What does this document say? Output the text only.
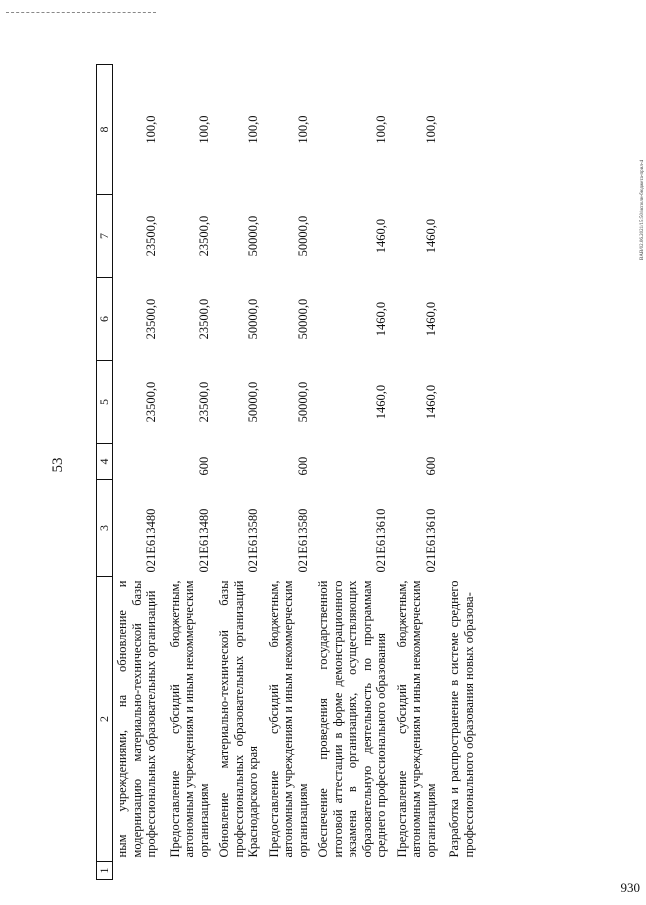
930
53
1	2	3	4	5	6	7	8
	ным учреждениями, на обновление и модернизацию материально-технической базы профессиональных образовательных организаций	021E613480		23500,0	23500,0	23500,0	100,0
	Предоставление субсидий бюджетным, автономным учреждениям и иным некоммерческим организациям	021E613480	600	23500,0	23500,0	23500,0	100,0
	Обновление материально-технической базы профессиональных образовательных организаций Краснодарского края	021E613580		50000,0	50000,0	50000,0	100,0
	Предоставление субсидий бюджетным, автономным учреждениям и иным некоммерческим организациям	021E613580	600	50000,0	50000,0	50000,0	100,0
	Обеспечение проведения государственной итоговой аттестации в форме демонстрационного экзамена в организациях, осуществляющих образовательную деятельность по программам среднего профессионального образования	021E613610		1460,0	1460,0	1460,0	100,0
	Предоставление субсидий бюджетным, автономным учреждениям и иным некоммерческим организациям	021E613610	600	1460,0	1460,0	1460,0	100,0
	Разработка и распространение в системе среднего профессионального образования новых образова-						
BAB/02.06.2021/15:50/исполн-бюджета-прил-4
